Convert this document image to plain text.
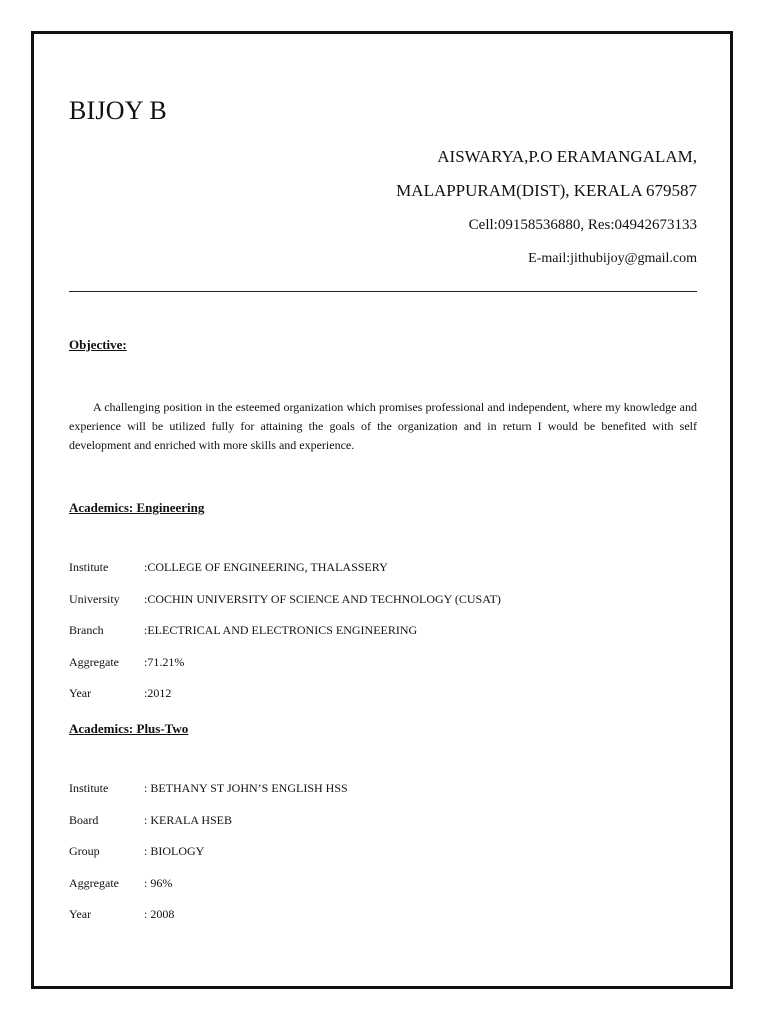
BIJOY B
AISWARYA,P.O ERAMANGALAM,
MALAPPURAM(DIST), KERALA 679587
Cell:09158536880, Res:04942673133
E-mail:jithubijoy@gmail.com
Objective:
A challenging position in the esteemed organization which promises professional and independent, where my knowledge and experience will be utilized fully for attaining the goals of the organization and in return I would be benefited with self development and enriched with more skills and experience.
Academics: Engineering
Institute	:COLLEGE OF ENGINEERING, THALASSERY
University	:COCHIN UNIVERSITY OF SCIENCE AND TECHNOLOGY (CUSAT)
Branch	:ELECTRICAL AND ELECTRONICS ENGINEERING
Aggregate	:71.21%
Year	:2012
Academics: Plus-Two
Institute	: BETHANY ST JOHN’S ENGLISH HSS
Board	: KERALA HSEB
Group	: BIOLOGY
Aggregate	: 96%
Year	: 2008
